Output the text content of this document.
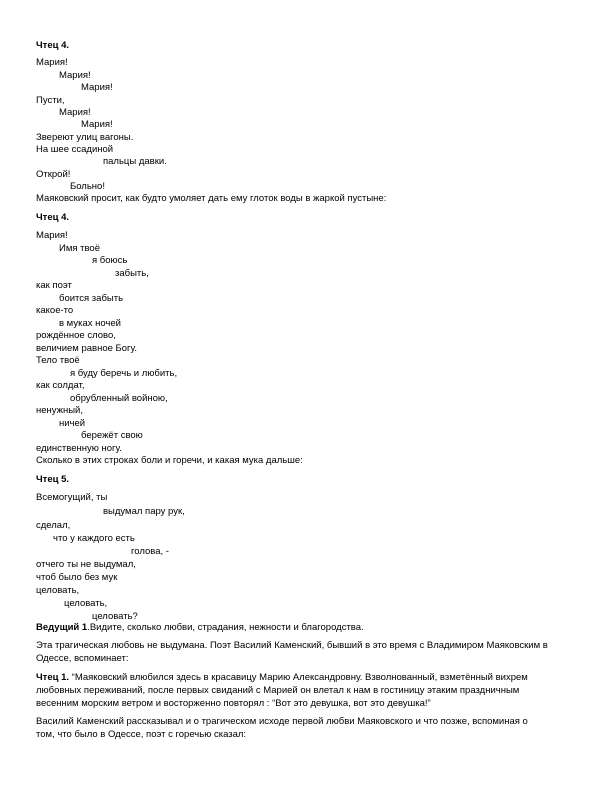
Чтец 4.
Мария!
Мария!
Мария!
Пусти,
Мария!
Мария!
Звереют улиц вагоны.
На шее ссадиной
пальцы давки.
Открой!
Больно!
Маяковский просит, как будто умоляет дать ему глоток воды в жаркой пустыне:
Чтец 4.
Мария!
Имя твоё
я боюсь
забыть,
как поэт
боится забыть
какое-то
в муках ночей
рождённое слово,
величием равное Богу.
Тело твоё
я буду беречь и любить,
как солдат,
обрубленный войною,
ненужный,
ничей
бережёт свою
единственную ногу.
Сколько в этих строках боли и горечи, и какая мука дальше:
Чтец 5.
Всемогущий, ты
выдумал пару рук,
сделал,
что у каждого есть
голова, -
отчего ты не выдумал,
чтоб было без мук
целовать,
целовать,
целовать?
Ведущий 1.Видите, сколько любви, страдания, нежности и благородства.
Эта трагическая любовь не выдумана. Поэт Василий Каменский, бывший в это время с Владимиром Маяковским в
Одессе, вспоминает:
Чтец 1. “Маяковский влюбился здесь в красавицу Марию Александровну. Взволнованный, взметённый вихрем
любовных переживаний, после первых свиданий с Марией он влетал к нам в гостиницу этаким праздничным
весенним морским ветром и восторженно повторял : “Вот это девушка, вот это девушка!”
Василий Каменский рассказывал и о трагическом исходе первой любви Маяковского и что позже, вспоминая о
том, что было в Одессе, поэт с горечью сказал:
